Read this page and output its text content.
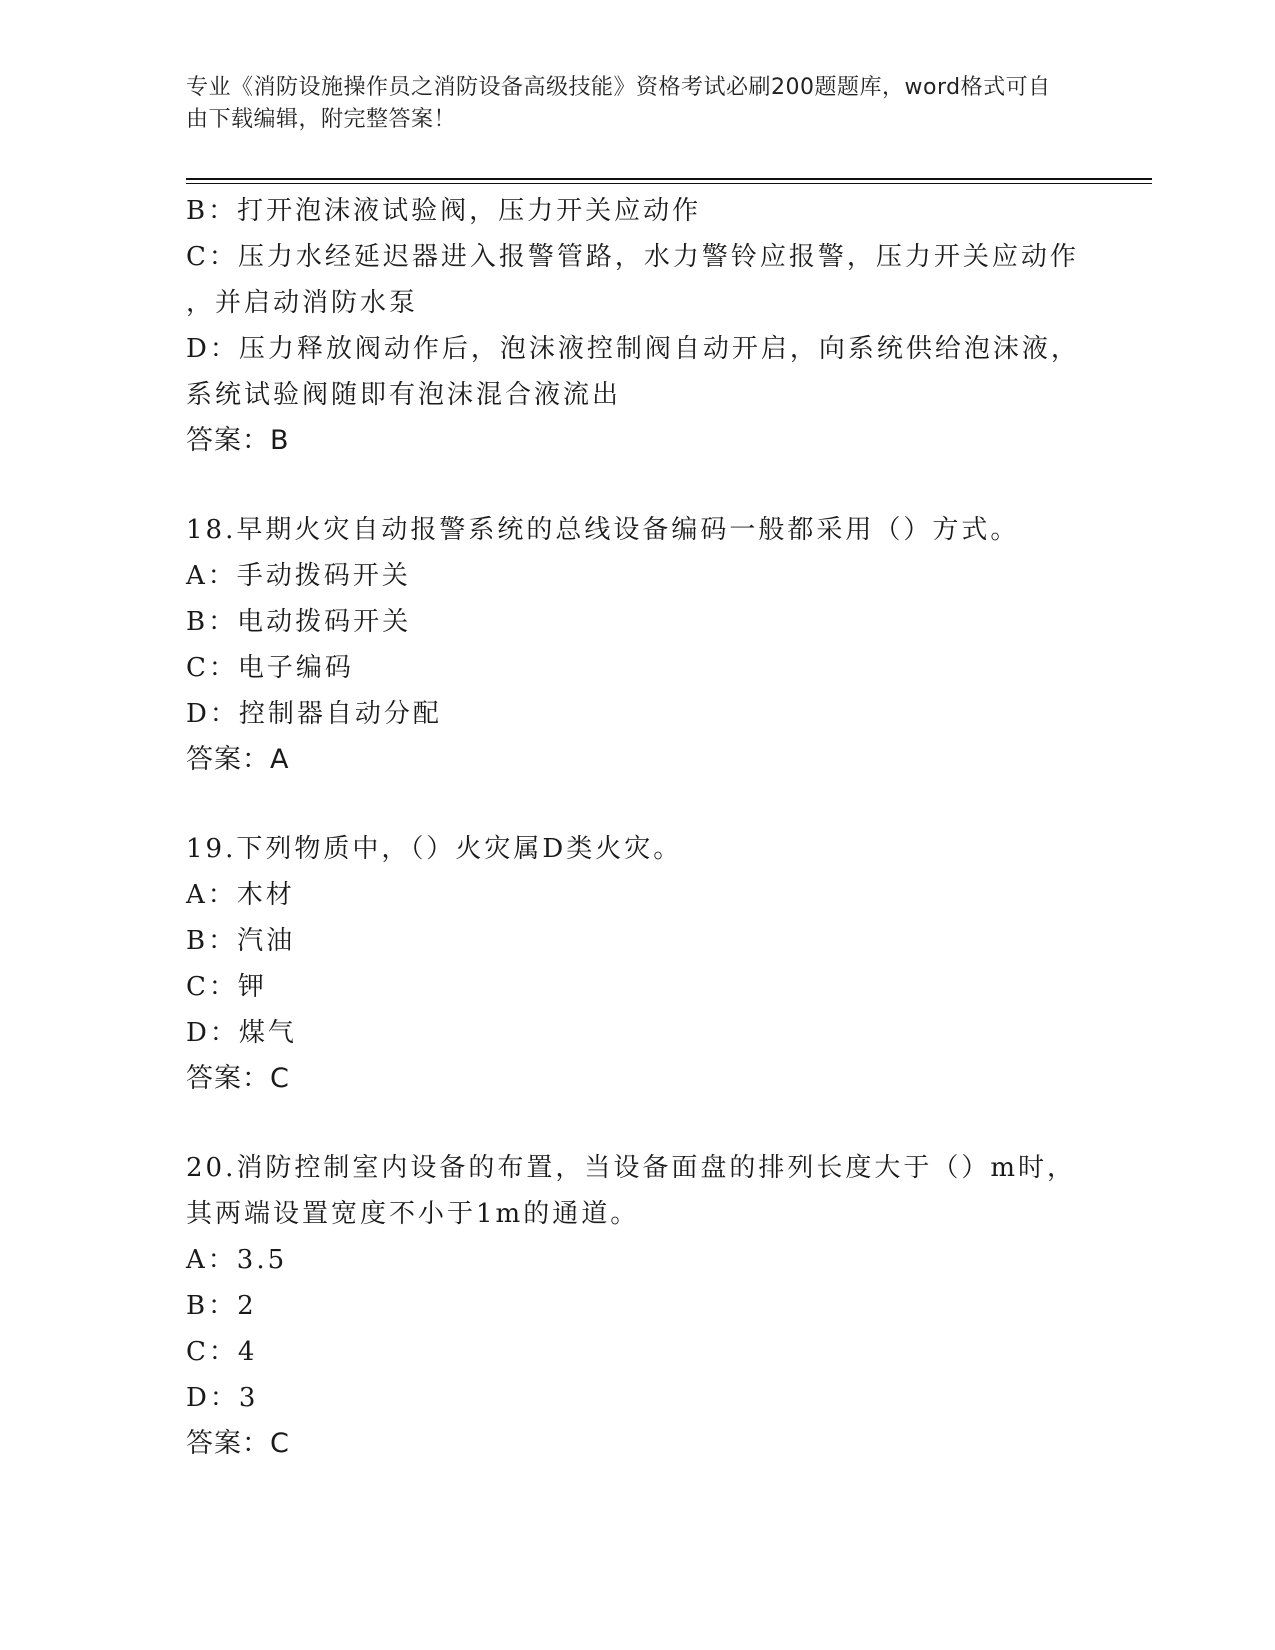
专业《消防设施操作员之消防设备高级技能》资格考试必刷200题题库，word格式可自由下载编辑，附完整答案！
B：打开泡沫液试验阀，压力开关应动作
C：压力水经延迟器进入报警管路，水力警铃应报警，压力开关应动作
，并启动消防水泵
D：压力释放阀动作后，泡沫液控制阀自动开启，向系统供给泡沫液，
系统试验阀随即有泡沫混合液流出
答案：B
18.早期火灾自动报警系统的总线设备编码一般都采用（）方式。
A：手动拨码开关
B：电动拨码开关
C：电子编码
D：控制器自动分配
答案：A
19.下列物质中，（）火灾属D类火灾。
A：木材
B：汽油
C：钾
D：煤气
答案：C
20.消防控制室内设备的布置，当设备面盘的排列长度大于（）m时，
其两端设置宽度不小于1m的通道。
A：3.5
B：2
C：4
D：3
答案：C
